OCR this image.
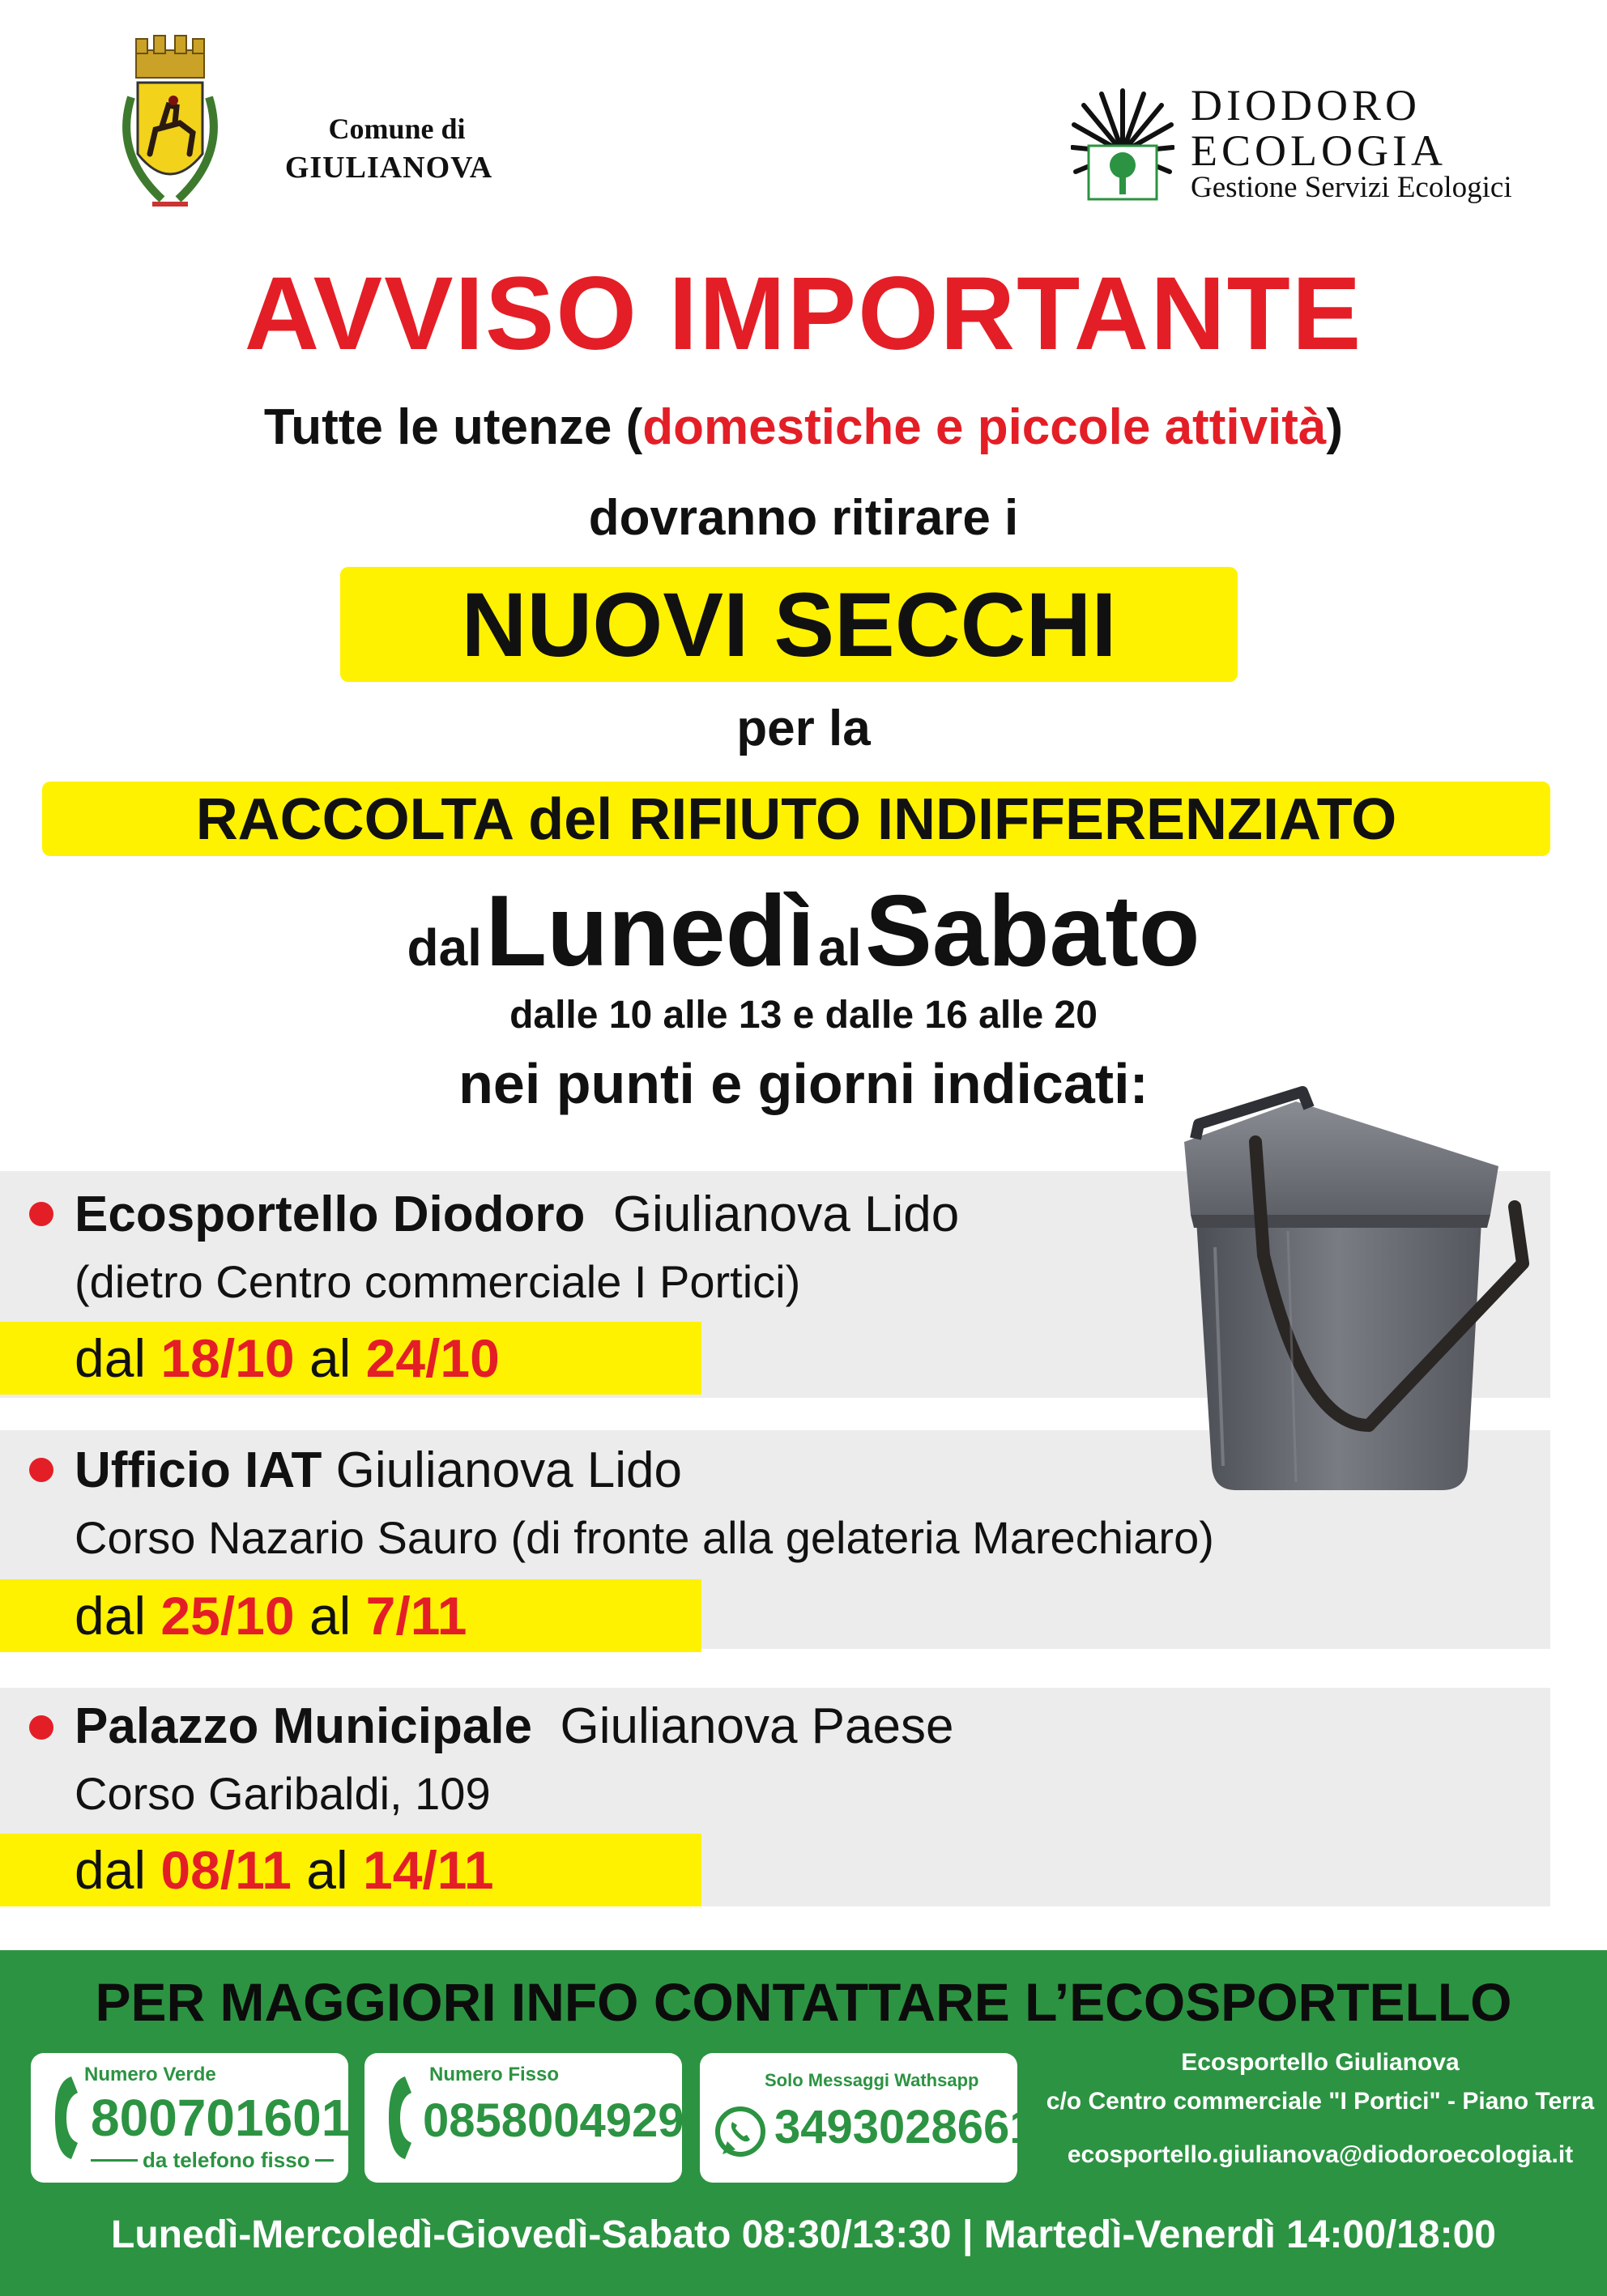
Comune di
GIULIANOVA
DIODORO
ECOLOGIA
Gestione Servizi Ecologici
AVVISO IMPORTANTE
Tutte le utenze (domestiche e piccole attività)
dovranno ritirare i
NUOVI SECCHI
per la
RACCOLTA del RIFIUTO INDIFFERENZIATO
dal Lunedì al Sabato
dalle 10 alle 13 e dalle 16 alle 20
nei punti e giorni indicati:
Ecosportello Diodoro Giulianova Lido
(dietro Centro commerciale I Portici)
dal 18/10 al 24/10
Ufficio IAT Giulianova Lido
Corso Nazario Sauro (di fronte alla gelateria Marechiaro)
dal 25/10 al 7/11
Palazzo Municipale Giulianova Paese
Corso Garibaldi, 109
dal 08/11 al 14/11
PER MAGGIORI INFO CONTATTARE L’ECOSPORTELLO
Numero Verde
800701601
da telefono fisso
Numero Fisso
0858004929
Solo Messaggi Wathsapp
3493028661
Ecosportello Giulianova
c/o Centro commerciale "I Portici" - Piano Terra
ecosportello.giulianova@diodoroecologia.it
Lunedì-Mercoledì-Giovedì-Sabato 08:30/13:30 | Martedì-Venerdì 14:00/18:00
